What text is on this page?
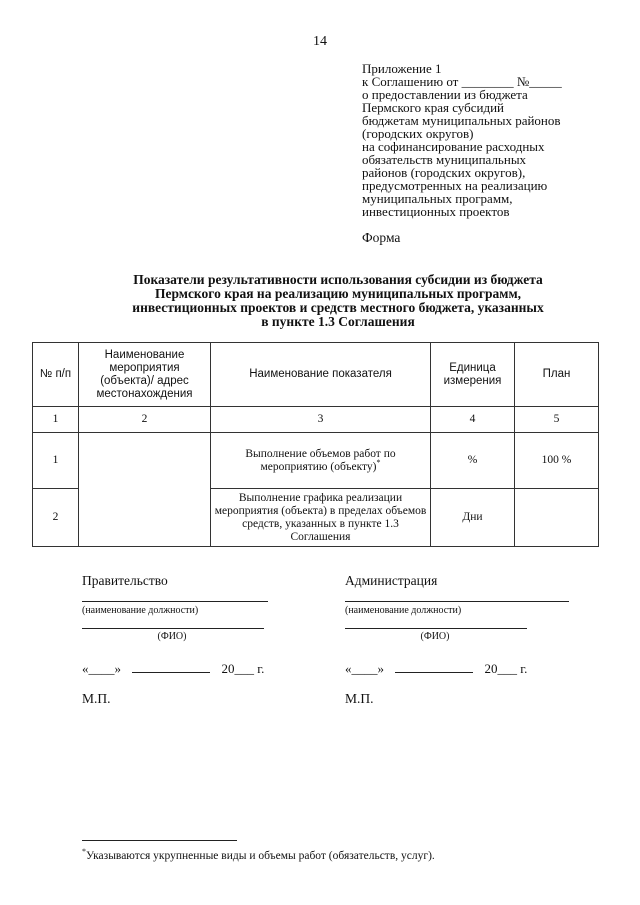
14
Приложение 1
к Соглашению от ________ №_____
о предоставлении из бюджета
Пермского края субсидий
бюджетам муниципальных районов
(городских округов)
на софинансирование расходных
обязательств муниципальных
районов (городских округов),
предусмотренных на реализацию
муниципальных программ,
инвестиционных проектов
Форма
Показатели результативности использования субсидии из бюджета
Пермского края на реализацию муниципальных программ,
инвестиционных проектов и средств местного бюджета, указанных
в пункте 1.3 Соглашения
№ п/п	Наименование мероприятия (объекта)/ адрес местонахождения	Наименование показателя	Единица измерения	План
1	2	3	4	5
1		Выполнение объемов работ по мероприятию (объекту)*	%	100 %
2		Выполнение графика реализации мероприятия (объекта) в пределах объемов средств, указанных в пункте 1.3 Соглашения	Дни	
Правительство
(наименование должности)
(ФИО)
«____»	20___ г.
М.П.
Администрация
(наименование должности)
(ФИО)
«____»	20___ г.
М.П.
*Указываются укрупненные виды и объемы работ (обязательств, услуг).
